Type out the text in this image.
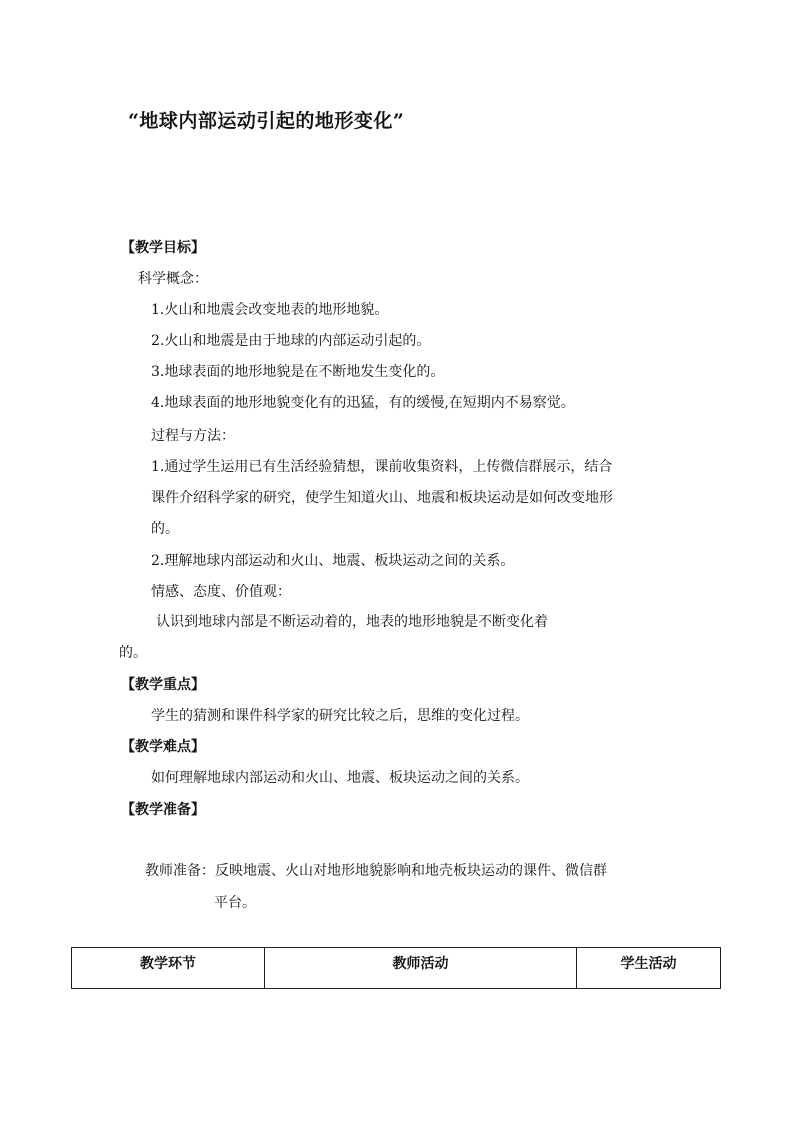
“地球内部运动引起的地形变化”
【教学目标】
科学概念：
1.火山和地震会改变地表的地形地貌。
2.火山和地震是由于地球的内部运动引起的。
3.地球表面的地形地貌是在不断地发生变化的。
4.地球表面的地形地貌变化有的迅猛，有的缓慢,在短期内不易察觉。
过程与方法：
1.通过学生运用已有生活经验猜想，课前收集资料，上传微信群展示，结合
课件介绍科学家的研究，使学生知道火山、地震和板块运动是如何改变地形
的。
2.理解地球内部运动和火山、地震、板块运动之间的关系。
情感、态度、价值观：
认识到地球内部是不断运动着的，地表的地形地貌是不断变化着
的。
【教学重点】
学生的猜测和课件科学家的研究比较之后，思维的变化过程。
【教学难点】
如何理解地球内部运动和火山、地震、板块运动之间的关系。
【教学准备】
教师准备：反映地震、火山对地形地貌影响和地壳板块运动的课件、微信群
平台。
教学环节	教师活动	学生活动
